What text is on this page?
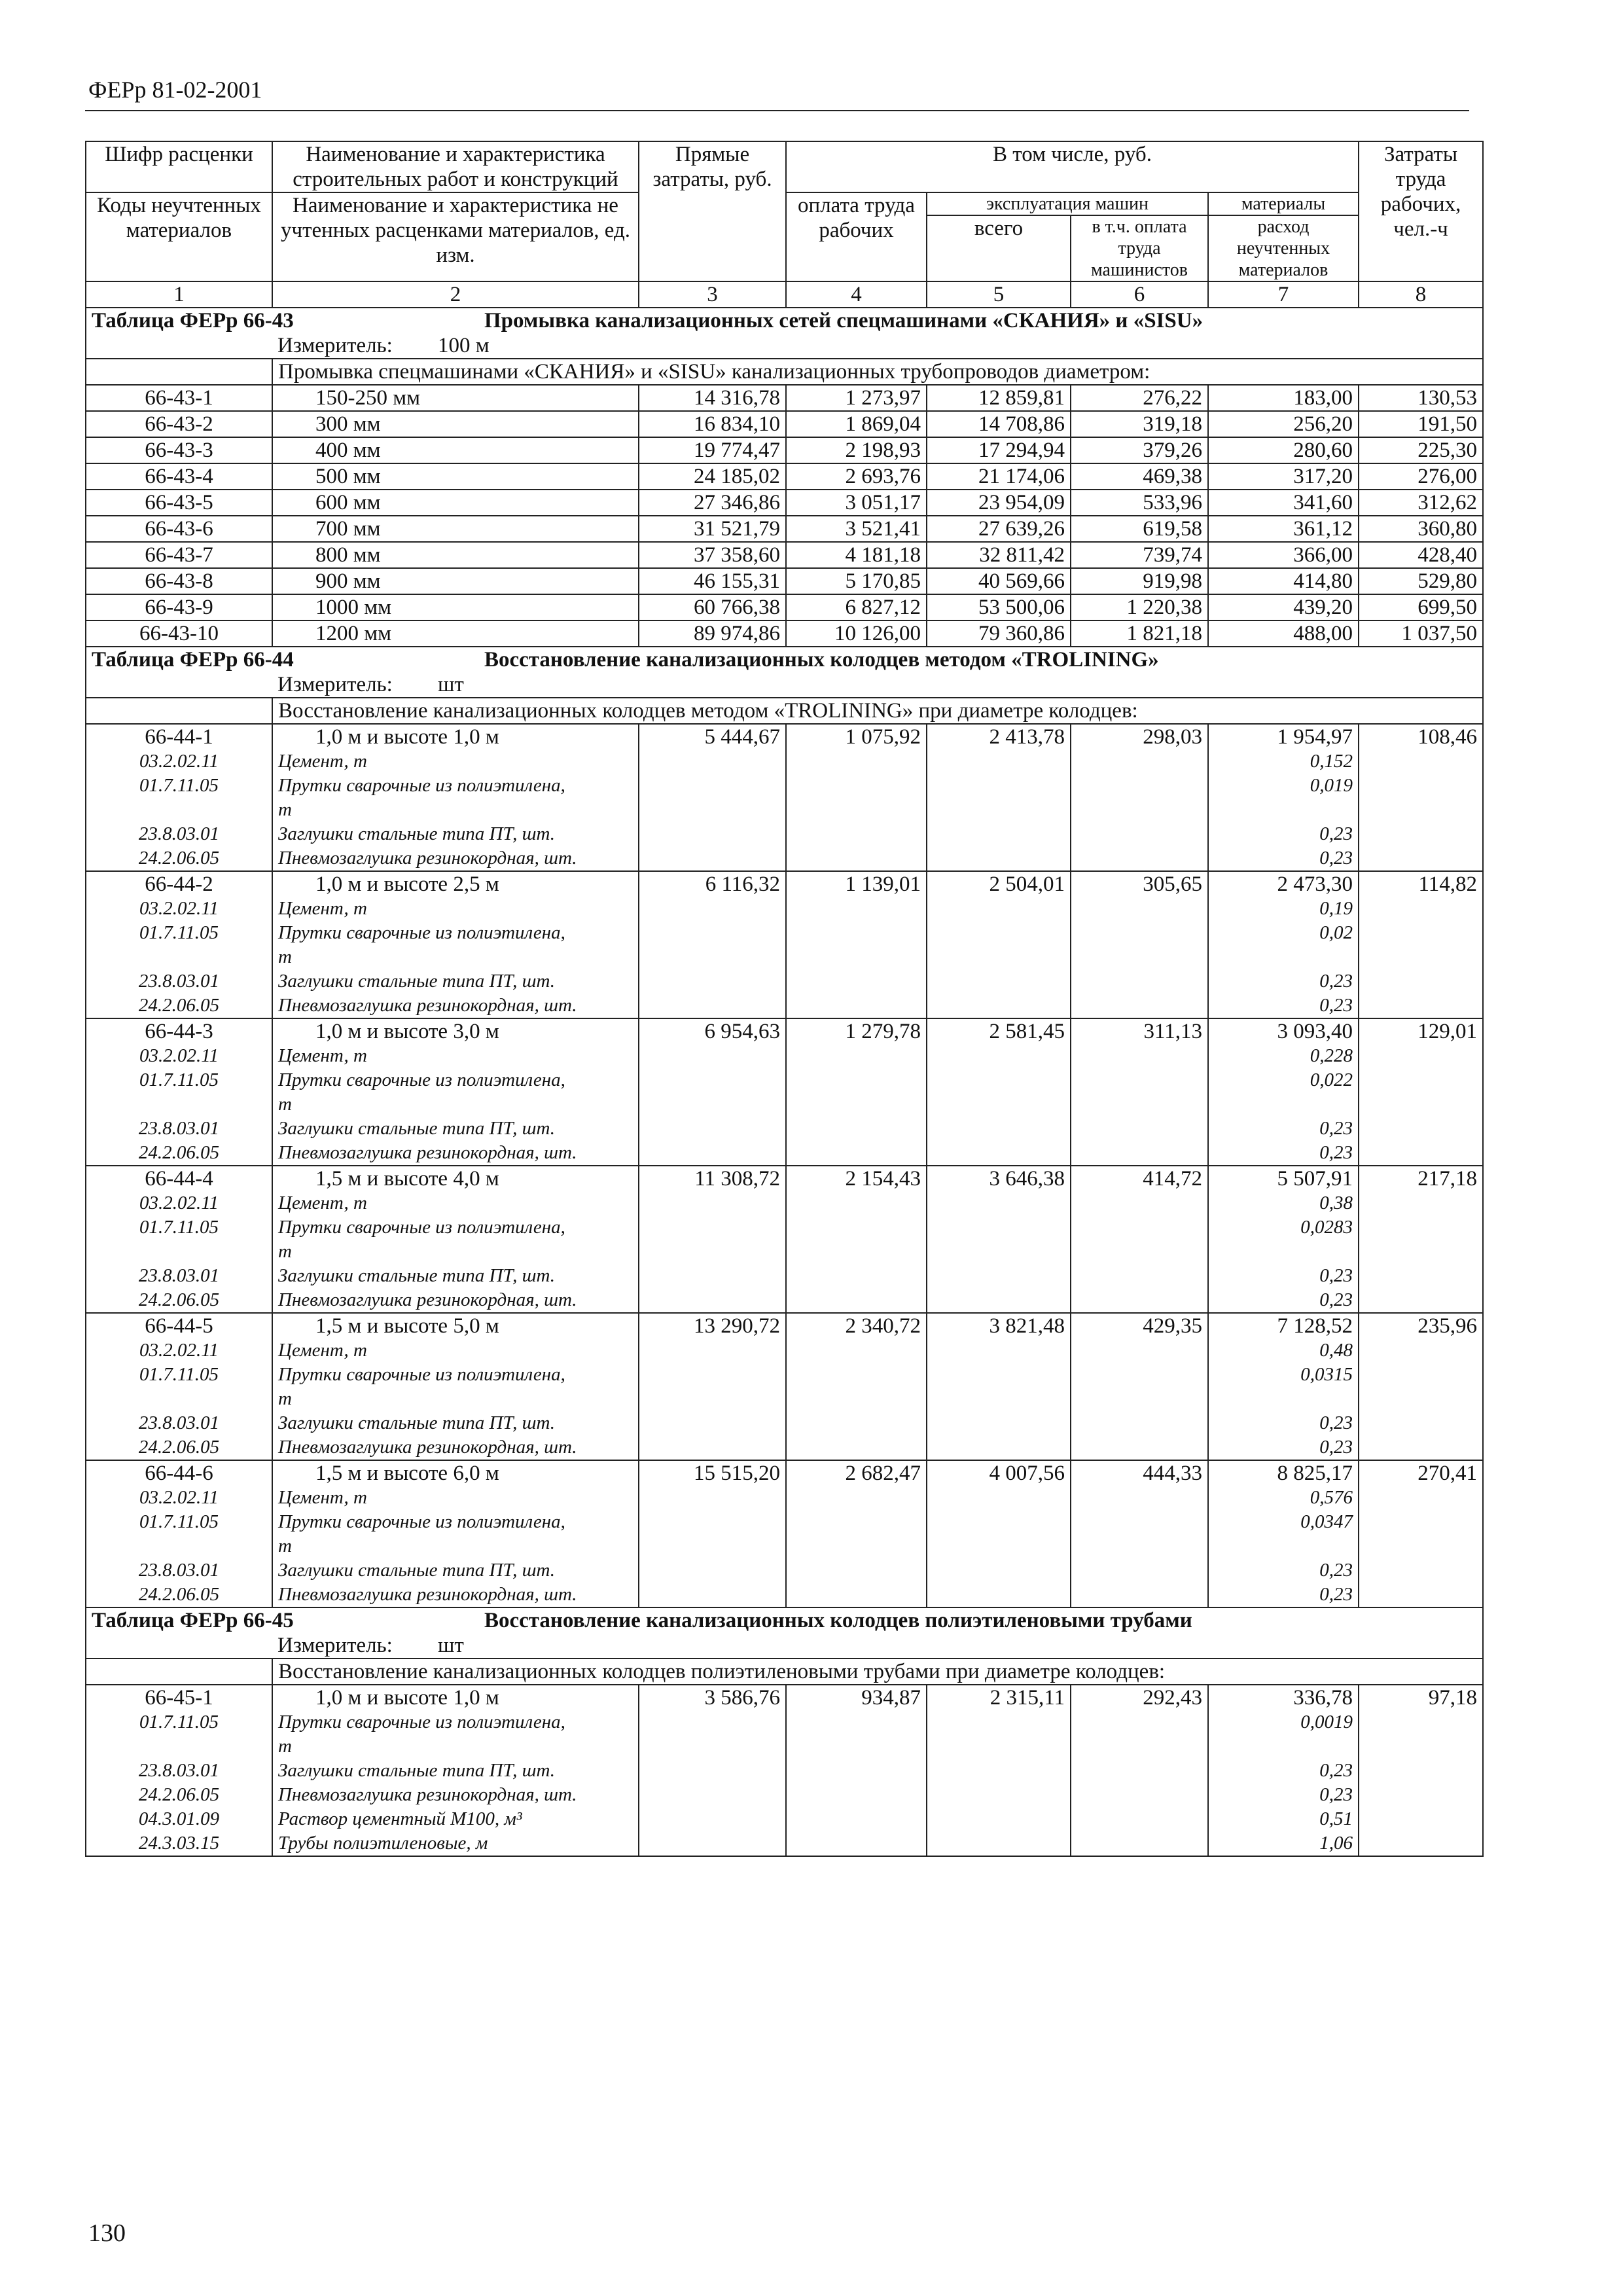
ФЕРр 81-02-2001
Шифр расценки	Наименование и характеристика строительных работ и конструкций	Прямые затраты, руб.	В том числе, руб.				Затраты труда рабочих, чел.-ч

Коды неучтенных материалов	Наименование и характеристика не учтенных расценками материалов, ед. изм.		оплата труда рабочих	эксплуатация машин		материалы	
				всего	в т.ч. оплата труда машинистов	расход неучтенных материалов	

1	2	3	4	5	6	7	8

Таблица ФЕРр 66-43 Промывка канализационных сетей спецмашинами «СКАНИЯ» и «SISU»							

	Измеритель: 100 м						
	Промывка спецмашинами «СКАНИЯ» и «SISU» канализационных трубопроводов диаметром:						
66-43-1	150-250 мм	14 316,78	1 273,97	12 859,81	276,22	183,00	130,53
66-43-2	300 мм	16 834,10	1 869,04	14 708,86	319,18	256,20	191,50
66-43-3	400 мм	19 774,47	2 198,93	17 294,94	379,26	280,60	225,30
66-43-4	500 мм	24 185,02	2 693,76	21 174,06	469,38	317,20	276,00
66-43-5	600 мм	27 346,86	3 051,17	23 954,09	533,96	341,60	312,62
66-43-6	700 мм	31 521,79	3 521,41	27 639,26	619,58	361,12	360,80
66-43-7	800 мм	37 358,60	4 181,18	32 811,42	739,74	366,00	428,40
66-43-8	900 мм	46 155,31	5 170,85	40 569,66	919,98	414,80	529,80
66-43-9	1000 мм	60 766,38	6 827,12	53 500,06	1 220,38	439,20	699,50
66-43-10	1200 мм	89 974,86	10 126,00	79 360,86	1 821,18	488,00	1 037,50

Таблица ФЕРр 66-44 Восстановление канализационных колодцев методом «TROLINING»							

	Измеритель: шт						
	Восстановление канализационных колодцев методом «TROLINING» при диаметре колодцев:						
66-44-1	1,0 м и высоте 1,0 м	5 444,67	1 075,92	2 413,78	298,03	1 954,97	108,46
03.2.02.11	Цемент, т					0,152	
01.7.11.05	Прутки сварочные из полиэтилена,					0,019	
	т						
23.8.03.01	Заглушки стальные типа ПТ, шт.					0,23	
24.2.06.05	Пневмозаглушка резинокордная, шт.					0,23	
66-44-2	1,0 м и высоте 2,5 м	6 116,32	1 139,01	2 504,01	305,65	2 473,30	114,82
03.2.02.11	Цемент, т					0,19	
01.7.11.05	Прутки сварочные из полиэтилена,					0,02	
	т						
23.8.03.01	Заглушки стальные типа ПТ, шт.					0,23	
24.2.06.05	Пневмозаглушка резинокордная, шт.					0,23	
66-44-3	1,0 м и высоте 3,0 м	6 954,63	1 279,78	2 581,45	311,13	3 093,40	129,01
03.2.02.11	Цемент, т					0,228	
01.7.11.05	Прутки сварочные из полиэтилена,					0,022	
	т						
23.8.03.01	Заглушки стальные типа ПТ, шт.					0,23	
24.2.06.05	Пневмозаглушка резинокордная, шт.					0,23	
66-44-4	1,5 м и высоте 4,0 м	11 308,72	2 154,43	3 646,38	414,72	5 507,91	217,18
03.2.02.11	Цемент, т					0,38	
01.7.11.05	Прутки сварочные из полиэтилена,					0,0283	
	т						
23.8.03.01	Заглушки стальные типа ПТ, шт.					0,23	
24.2.06.05	Пневмозаглушка резинокордная, шт.					0,23	
66-44-5	1,5 м и высоте 5,0 м	13 290,72	2 340,72	3 821,48	429,35	7 128,52	235,96
03.2.02.11	Цемент, т					0,48	
01.7.11.05	Прутки сварочные из полиэтилена,					0,0315	
	т						
23.8.03.01	Заглушки стальные типа ПТ, шт.					0,23	
24.2.06.05	Пневмозаглушка резинокордная, шт.					0,23	
66-44-6	1,5 м и высоте 6,0 м	15 515,20	2 682,47	4 007,56	444,33	8 825,17	270,41
03.2.02.11	Цемент, т					0,576	
01.7.11.05	Прутки сварочные из полиэтилена,					0,0347	
	т						
23.8.03.01	Заглушки стальные типа ПТ, шт.					0,23	
24.2.06.05	Пневмозаглушка резинокордная, шт.					0,23	

Таблица ФЕРр 66-45 Восстановление канализационных колодцев полиэтиленовыми трубами							

	Измеритель: шт						
	Восстановление канализационных колодцев полиэтиленовыми трубами при диаметре колодцев:						
66-45-1	1,0 м и высоте 1,0 м	3 586,76	934,87	2 315,11	292,43	336,78	97,18
01.7.11.05	Прутки сварочные из полиэтилена,					0,0019	
	т						
23.8.03.01	Заглушки стальные типа ПТ, шт.					0,23	
24.2.06.05	Пневмозаглушка резинокордная, шт.					0,23	
04.3.01.09	Раствор цементный М100, м³					0,51	
24.3.03.15	Трубы полиэтиленовые, м					1,06	
130
